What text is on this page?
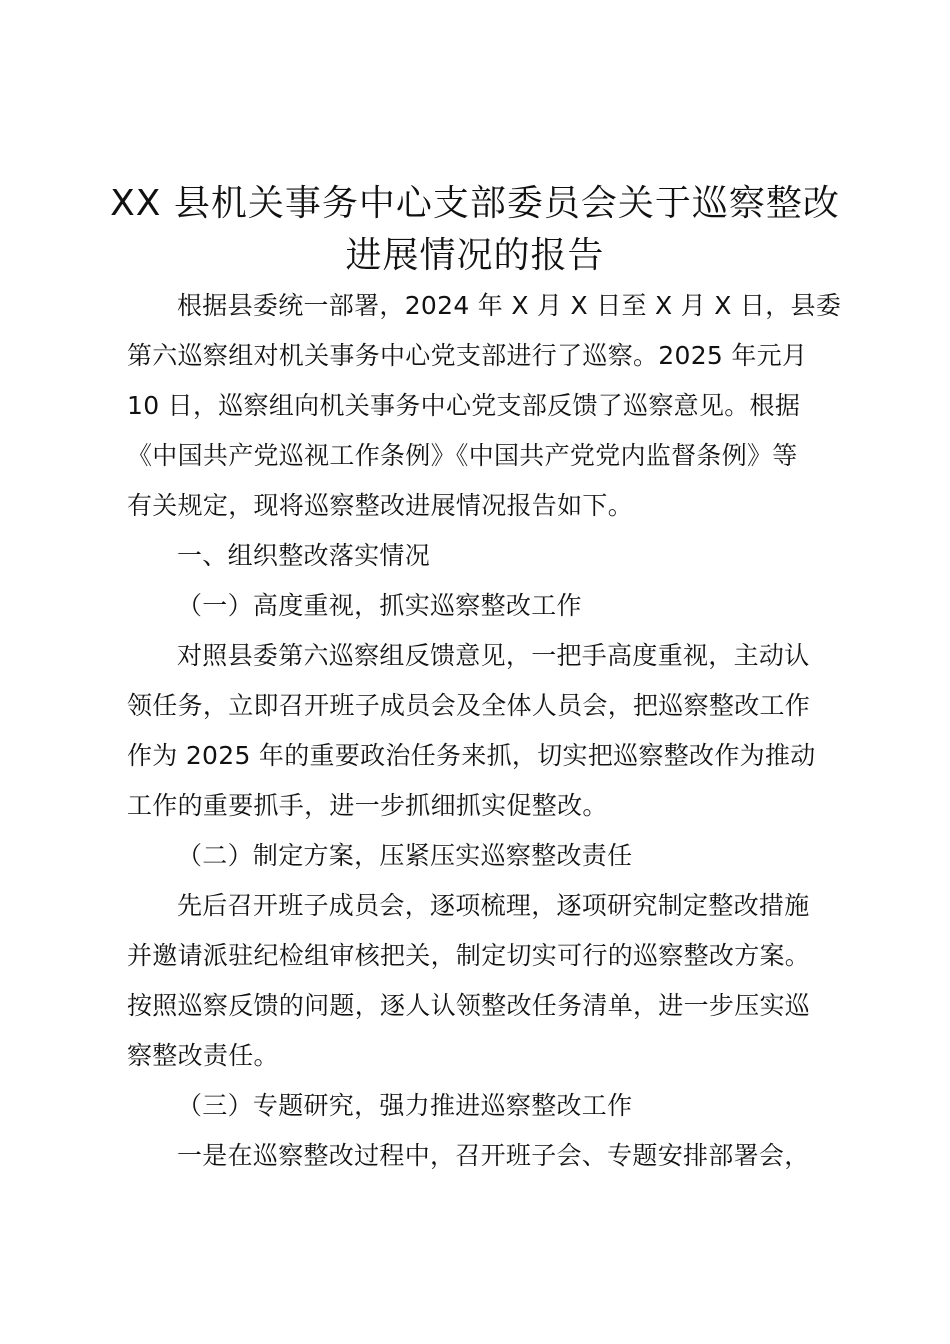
XX 县机关事务中心支部委员会关于巡察整改
进展情况的报告
根据县委统一部署，2024 年 X 月 X 日至 X 月 X 日，县委
第六巡察组对机关事务中心党支部进行了巡察。2025 年元月
10 日，巡察组向机关事务中心党支部反馈了巡察意见。根据
《中国共产党巡视工作条例》《中国共产党党内监督条例》等
有关规定，现将巡察整改进展情况报告如下。
一、组织整改落实情况
（一）高度重视，抓实巡察整改工作
对照县委第六巡察组反馈意见，一把手高度重视，主动认
领任务，立即召开班子成员会及全体人员会，把巡察整改工作
作为 2025 年的重要政治任务来抓，切实把巡察整改作为推动
工作的重要抓手，进一步抓细抓实促整改。
（二）制定方案，压紧压实巡察整改责任
先后召开班子成员会，逐项梳理，逐项研究制定整改措施
并邀请派驻纪检组审核把关，制定切实可行的巡察整改方案。
按照巡察反馈的问题，逐人认领整改任务清单，进一步压实巡
察整改责任。
（三）专题研究，强力推进巡察整改工作
一是在巡察整改过程中，召开班子会、专题安排部署会，
